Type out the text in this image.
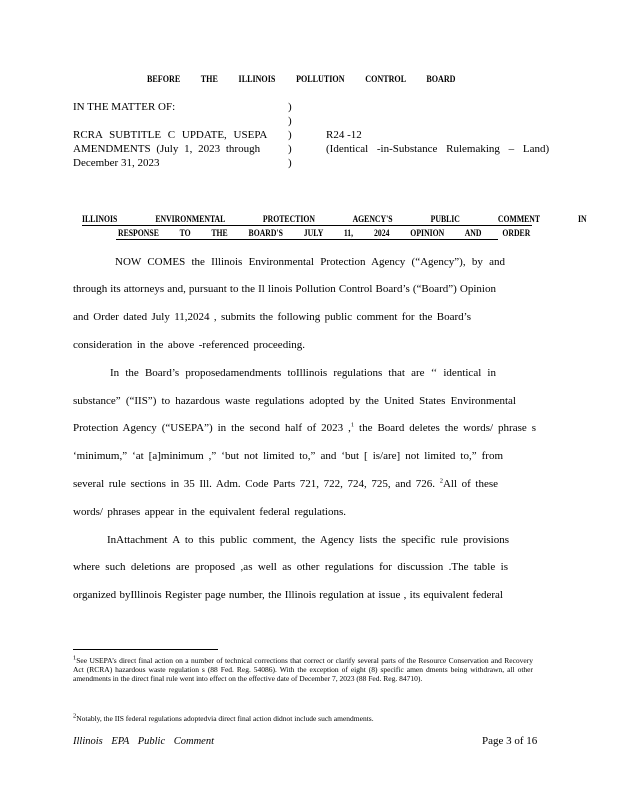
BEFORE THE ILLINOIS POLLUTION CONTROL BOARD
IN THE MATTER OF:
RCRA SUBTITLE C UPDATE, USEPA
AMENDMENTS (July 1, 2023 through
December 31, 2023
)
)
)
)
)
R24 -12
(Identical -in-Substance Rulemaking – Land)
ILLINOIS ENVIRONMENTAL PROTECTION AGENCY'S PUBLIC COMMENT IN
RESPONSE TO THE BOARD'S JULY 11, 2024 OPINION AND ORDER
NOW COMES the Illinois Environmental Protection Agency (“Agency”), by and
through its attorneys and, pursuant to the Il linois Pollution Control Board’s (“Board”) Opinion
and Order dated July 11,2024 , submits the following public comment for the Board’s
consideration in the above -referenced proceeding.
In the Board’s proposedamendments toIllinois regulations that are ‘‘ identical in
substance” (“IIS”) to hazardous waste regulations adopted by the United States Environmental
Protection Agency (“USEPA”) in the second half of 2023 ,$^1$ the Board deletes the words/ phrase s
‘minimum,” ‘at [a]minimum ,” ‘but not limited to,” and ‘but [ is/are] not limited to,” from
several rule sections in 35 Ill. Adm. Code Parts 721, 722, 724, 725, and 726. $^2$All of these
words/ phrases appear in the equivalent federal regulations.
InAttachment A to this public comment, the Agency lists the specific rule provisions
where such deletions are proposed ,as well as other regulations for discussion .The table is
organized byIllinois Register page number, the Illinois regulation at issue , its equivalent federal
$^1$See USEPA’s direct final action on a number of technical corrections that correct or clarify several parts of the Resource Conservation and Recovery Act (RCRA) hazardous waste regulation s (88 Fed. Reg. 54086). With the exception of eight (8) specific amen dments being withdrawn, all other amendments in the direct final rule went into effect on the effective date of December 7, 2023 (88 Fed. Reg. 84710).
$^2$Notably, the IIS federal regulations adoptedvia direct final action didnot include such amendments.
Illinois EPA Public Comment	Page 3 of 16
